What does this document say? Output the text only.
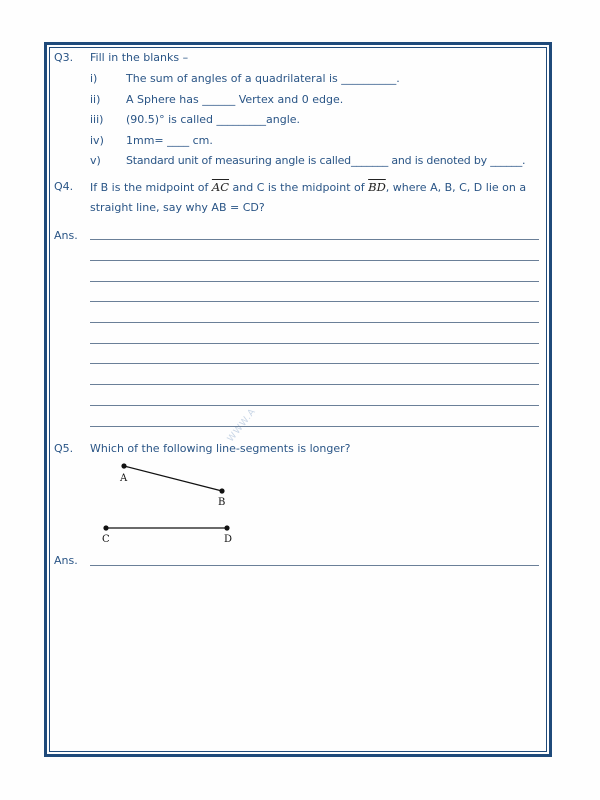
WWW.A
Q3. Fill in the blanks –
i)	The sum of angles of a quadrilateral is __________.
ii) A Sphere has ______ Vertex and 0 edge.
iii) (90.5)° is called _________angle.
iv) 1mm= ____ cm.
v) Standard unit of measuring angle is called_______ and is denoted by ______.
Q4. If B is the midpoint of $\overline{AC}$ and C is the midpoint of $\overline{BD}$, where A, B, C, D lie on a
straight line, say why AB = CD?
Ans.
Q5. Which of the following line-segments is longer?
A
B
C	D
Ans.
